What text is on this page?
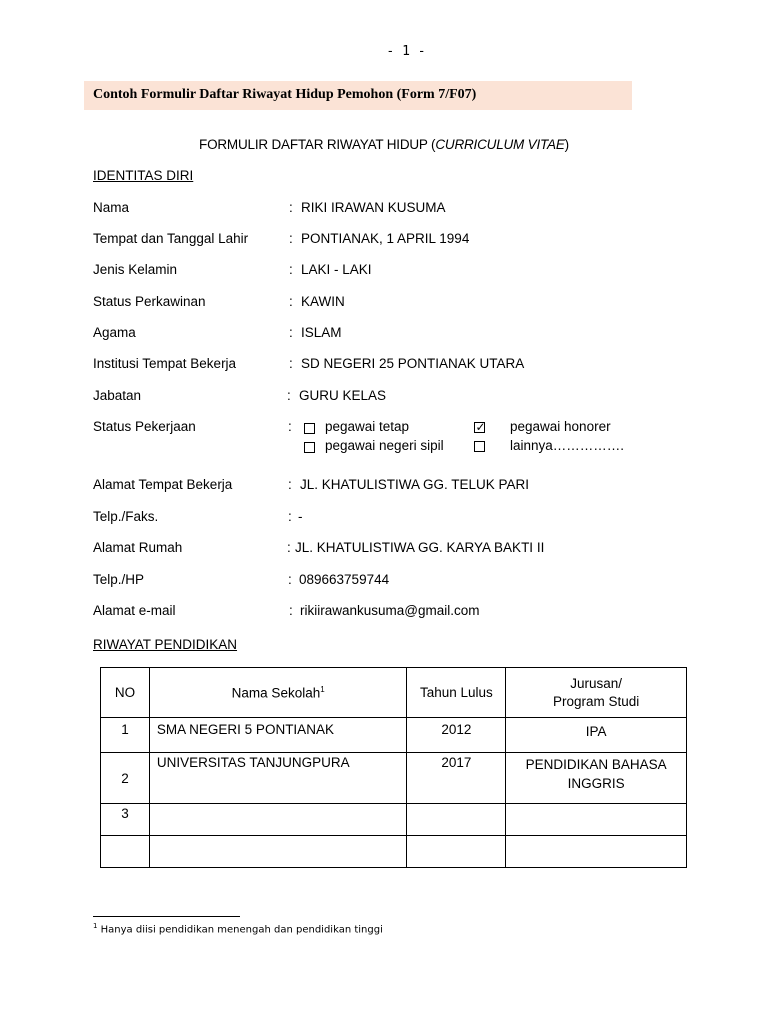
- 1 -
Contoh Formulir Daftar Riwayat Hidup Pemohon (Form 7/F07)
FORMULIR DAFTAR RIWAYAT HIDUP (CURRICULUM VITAE)
IDENTITAS DIRI
Nama	: RIKI IRAWAN KUSUMA
Tempat dan Tanggal Lahir	: PONTIANAK, 1 APRIL 1994
Jenis Kelamin	: LAKI - LAKI
Status Perkawinan	: KAWIN
Agama	: ISLAM
Institusi Tempat Bekerja	: SD NEGERI 25 PONTIANAK UTARA
Jabatan	: GURU KELAS
Status Pekerjaan	: pegawai tetap	✓ pegawai honorer
pegawai negeri sipil	lainnya…………….
Alamat Tempat Bekerja	: JL. KHATULISTIWA GG. TELUK PARI
Telp./Faks.	: -
Alamat Rumah	: JL. KHATULISTIWA GG. KARYA BAKTI II
Telp./HP	: 089663759744
Alamat e-mail	: rikiirawankusuma@gmail.com
RIWAYAT PENDIDIKAN
NO	Nama Sekolah$^1$	Tahun Lulus	Jurusan/
Program Studi

1	SMA NEGERI 5 PONTIANAK	2012	IPA

2	UNIVERSITAS TANJUNGPURA	2017	PENDIDIKAN BAHASA
INGGRIS

3			

$^1$ Hanya diisi pendidikan menengah dan pendidikan tinggi
